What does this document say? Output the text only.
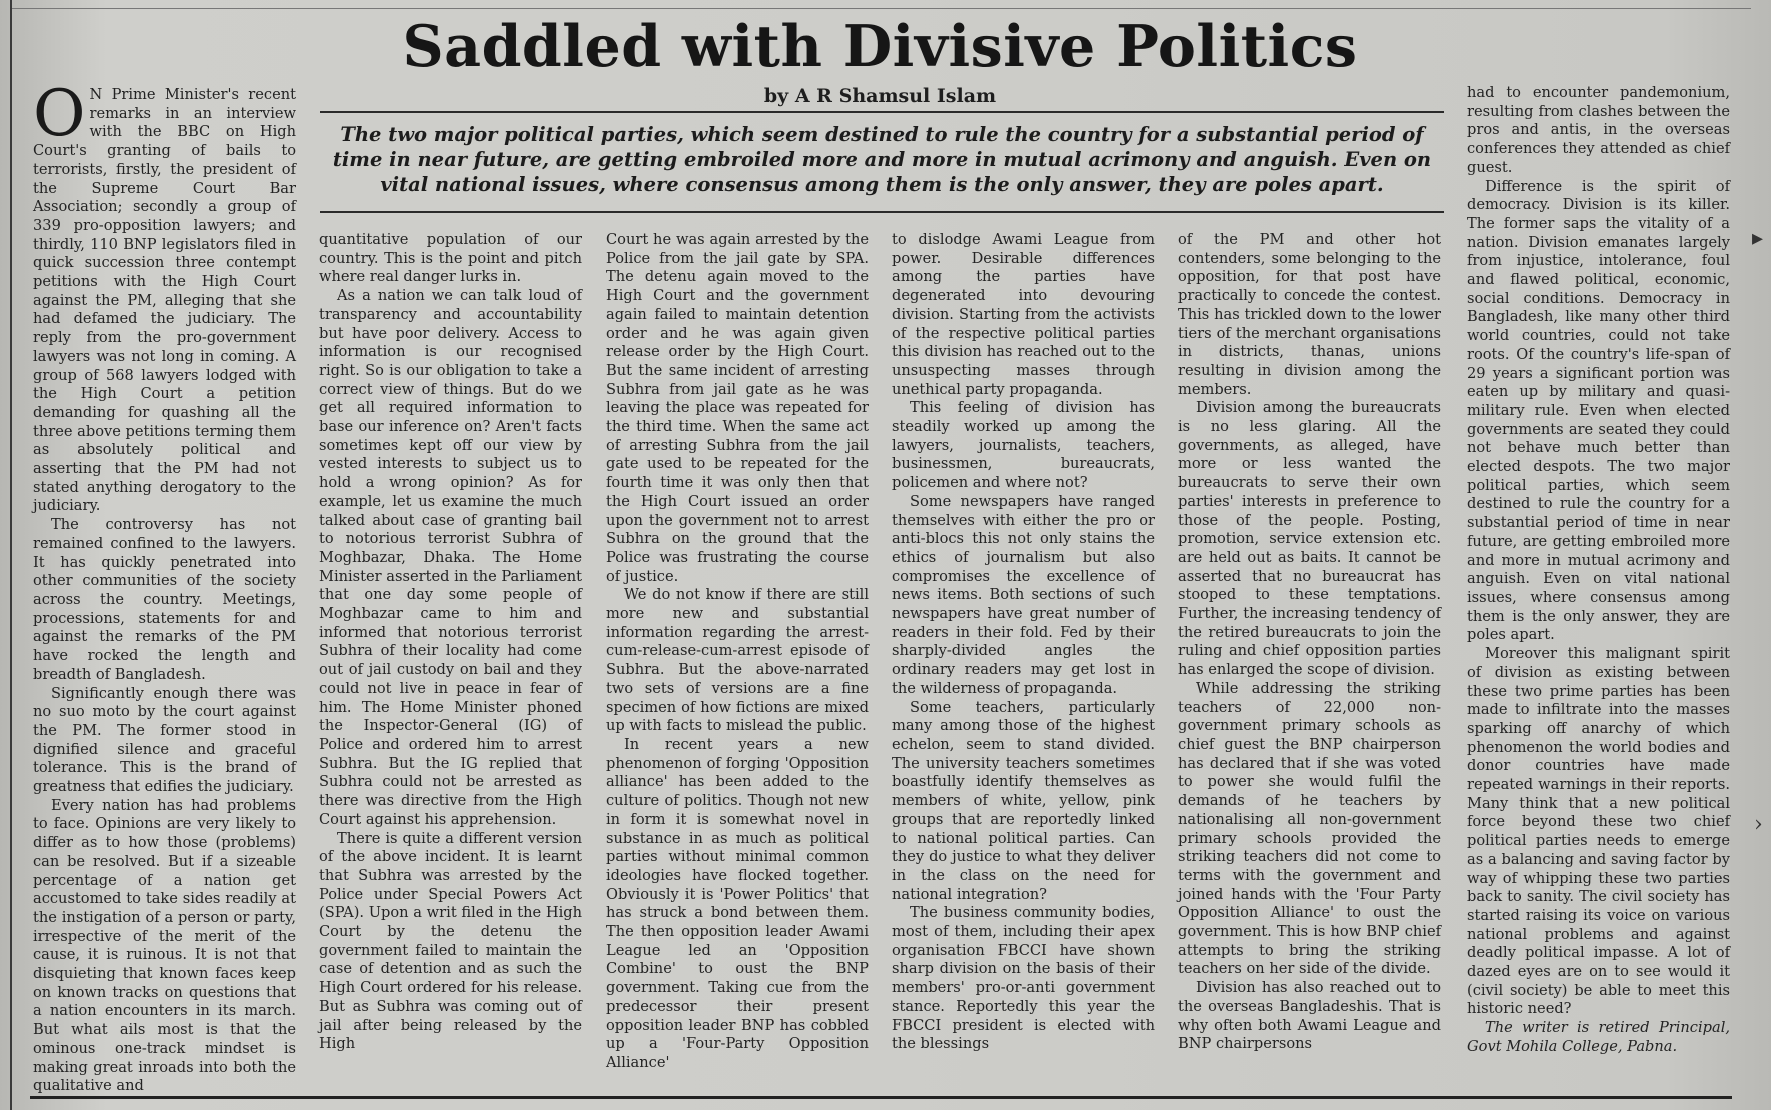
Saddled with Divisive Politics
by A R Shamsul Islam
The two major political parties, which seem destined to rule the country for a substantial period of time in near future, are getting embroiled more and more in mutual acrimony and anguish. Even on vital national issues, where consensus among them is the only answer, they are poles apart.

O N Prime Minister's recent remarks in an interview with the BBC on High Court's granting of bails to terrorists, firstly, the president of the Supreme Court Bar Association; secondly a group of 339 pro-opposition lawyers; and thirdly, 110 BNP legislators filed in quick succession three contempt petitions with the High Court against the PM, alleging that she had defamed the judiciary. The reply from the pro-government lawyers was not long in coming. A group of 568 lawyers lodged with the High Court a petition demanding for quashing all the three above petitions terming them as absolutely political and asserting that the PM had not stated anything derogatory to the judiciary.

The controversy has not remained confined to the lawyers. It has quickly penetrated into other communities of the society across the country. Meetings, processions, statements for and against the remarks of the PM have rocked the length and breadth of Bangladesh.

Significantly enough there was no suo moto by the court against the PM. The former stood in dignified silence and graceful tolerance. This is the brand of greatness that edifies the judiciary.

Every nation has had problems to face. Opinions are very likely to differ as to how those (problems) can be resolved. But if a sizeable percentage of a nation get accustomed to take sides readily at the instigation of a person or party, irrespective of the merit of the cause, it is ruinous. It is not that disquieting that known faces keep on known tracks on questions that a nation encounters in its march. But what ails most is that the ominous one-track mindset is making great inroads into both the qualitative and

quantitative population of our country. This is the point and pitch where real danger lurks in.

As a nation we can talk loud of transparency and accountability but have poor delivery. Access to information is our recognised right. So is our obligation to take a correct view of things. But do we get all required information to base our inference on? Aren't facts sometimes kept off our view by vested interests to subject us to hold a wrong opinion? As for example, let us examine the much talked about case of granting bail to notorious terrorist Subhra of Moghbazar, Dhaka. The Home Minister asserted in the Parliament that one day some people of Moghbazar came to him and informed that notorious terrorist Subhra of their locality had come out of jail custody on bail and they could not live in peace in fear of him. The Home Minister phoned the Inspector-General (IG) of Police and ordered him to arrest Subhra. But the IG replied that Subhra could not be arrested as there was directive from the High Court against his apprehension.

There is quite a different version of the above incident. It is learnt that Subhra was arrested by the Police under Special Powers Act (SPA). Upon a writ filed in the High Court by the detenu the government failed to maintain the case of detention and as such the High Court ordered for his release. But as Subhra was coming out of jail after being released by the High

Court he was again arrested by the Police from the jail gate by SPA. The detenu again moved to the High Court and the government again failed to maintain detention order and he was again given release order by the High Court. But the same incident of arresting Subhra from jail gate as he was leaving the place was repeated for the third time. When the same act of arresting Subhra from the jail gate used to be repeated for the fourth time it was only then that the High Court issued an order upon the government not to arrest Subhra on the ground that the Police was frustrating the course of justice.

We do not know if there are still more new and substantial information regarding the arrest-cum-release-cum-arrest episode of Subhra. But the above-narrated two sets of versions are a fine specimen of how fictions are mixed up with facts to mislead the public.

In recent years a new phenomenon of forging 'Opposition alliance' has been added to the culture of politics. Though not new in form it is somewhat novel in substance in as much as political parties without minimal common ideologies have flocked together. Obviously it is 'Power Politics' that has struck a bond between them. The then opposition leader Awami League led an 'Opposition Combine' to oust the BNP government. Taking cue from the predecessor their present opposition leader BNP has cobbled up a 'Four-Party Opposition Alliance'

to dislodge Awami League from power. Desirable differences among the parties have degenerated into devouring division. Starting from the activists of the respective political parties this division has reached out to the unsuspecting masses through unethical party propaganda.

This feeling of division has steadily worked up among the lawyers, journalists, teachers, businessmen, bureaucrats, policemen and where not?

Some newspapers have ranged themselves with either the pro or anti-blocs this not only stains the ethics of journalism but also compromises the excellence of news items. Both sections of such newspapers have great number of readers in their fold. Fed by their sharply-divided angles the ordinary readers may get lost in the wilderness of propaganda.

Some teachers, particularly many among those of the highest echelon, seem to stand divided. The university teachers sometimes boastfully identify themselves as members of white, yellow, pink groups that are reportedly linked to national political parties. Can they do justice to what they deliver in the class on the need for national integration?

The business community bodies, most of them, including their apex organisation FBCCI have shown sharp division on the basis of their members' pro-or-anti government stance. Reportedly this year the FBCCI president is elected with the blessings

of the PM and other hot contenders, some belonging to the opposition, for that post have practically to concede the contest. This has trickled down to the lower tiers of the merchant organisations in districts, thanas, unions resulting in division among the members.

Division among the bureaucrats is no less glaring. All the governments, as alleged, have more or less wanted the bureaucrats to serve their own parties' interests in preference to those of the people. Posting, promotion, service extension etc. are held out as baits. It cannot be asserted that no bureaucrat has stooped to these temptations. Further, the increasing tendency of the retired bureaucrats to join the ruling and chief opposition parties has enlarged the scope of division.

While addressing the striking teachers of 22,000 non-government primary schools as chief guest the BNP chairperson has declared that if she was voted to power she would fulfil the demands of he teachers by nationalising all non-government primary schools provided the striking teachers did not come to terms with the government and joined hands with the 'Four Party Opposition Alliance' to oust the government. This is how BNP chief attempts to bring the striking teachers on her side of the divide.

Division has also reached out to the overseas Bangladeshis. That is why often both Awami League and BNP chairpersons

had to encounter pandemonium, resulting from clashes between the pros and antis, in the overseas conferences they attended as chief guest.

Difference is the spirit of democracy. Division is its killer. The former saps the vitality of a nation. Division emanates largely from injustice, intolerance, foul and flawed political, economic, social conditions. Democracy in Bangladesh, like many other third world countries, could not take roots. Of the country's life-span of 29 years a significant portion was eaten up by military and quasi-military rule. Even when elected governments are seated they could not behave much better than elected despots. The two major political parties, which seem destined to rule the country for a substantial period of time in near future, are getting embroiled more and more in mutual acrimony and anguish. Even on vital national issues, where consensus among them is the only answer, they are poles apart.

Moreover this malignant spirit of division as existing between these two prime parties has been made to infiltrate into the masses sparking off anarchy of which phenomenon the world bodies and donor countries have made repeated warnings in their reports. Many think that a new political force beyond these two chief political parties needs to emerge as a balancing and saving factor by way of whipping these two parties back to sanity. The civil society has started raising its voice on various national problems and against deadly political impasse. A lot of dazed eyes are on to see would it (civil society) be able to meet this historic need?

The writer is retired Principal, Govt Mohila College, Pabna.

▸
›
